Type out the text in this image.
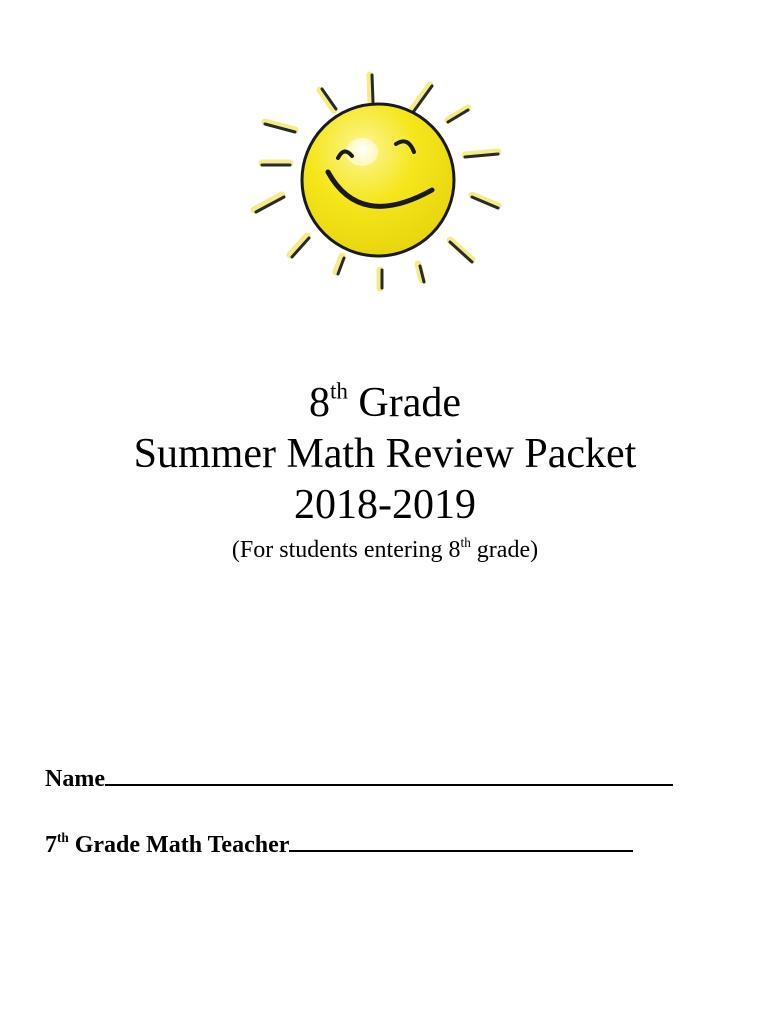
8th Grade

Summer Math Review Packet

2018-2019

(For students entering 8th grade)

Name
7th Grade Math Teacher
